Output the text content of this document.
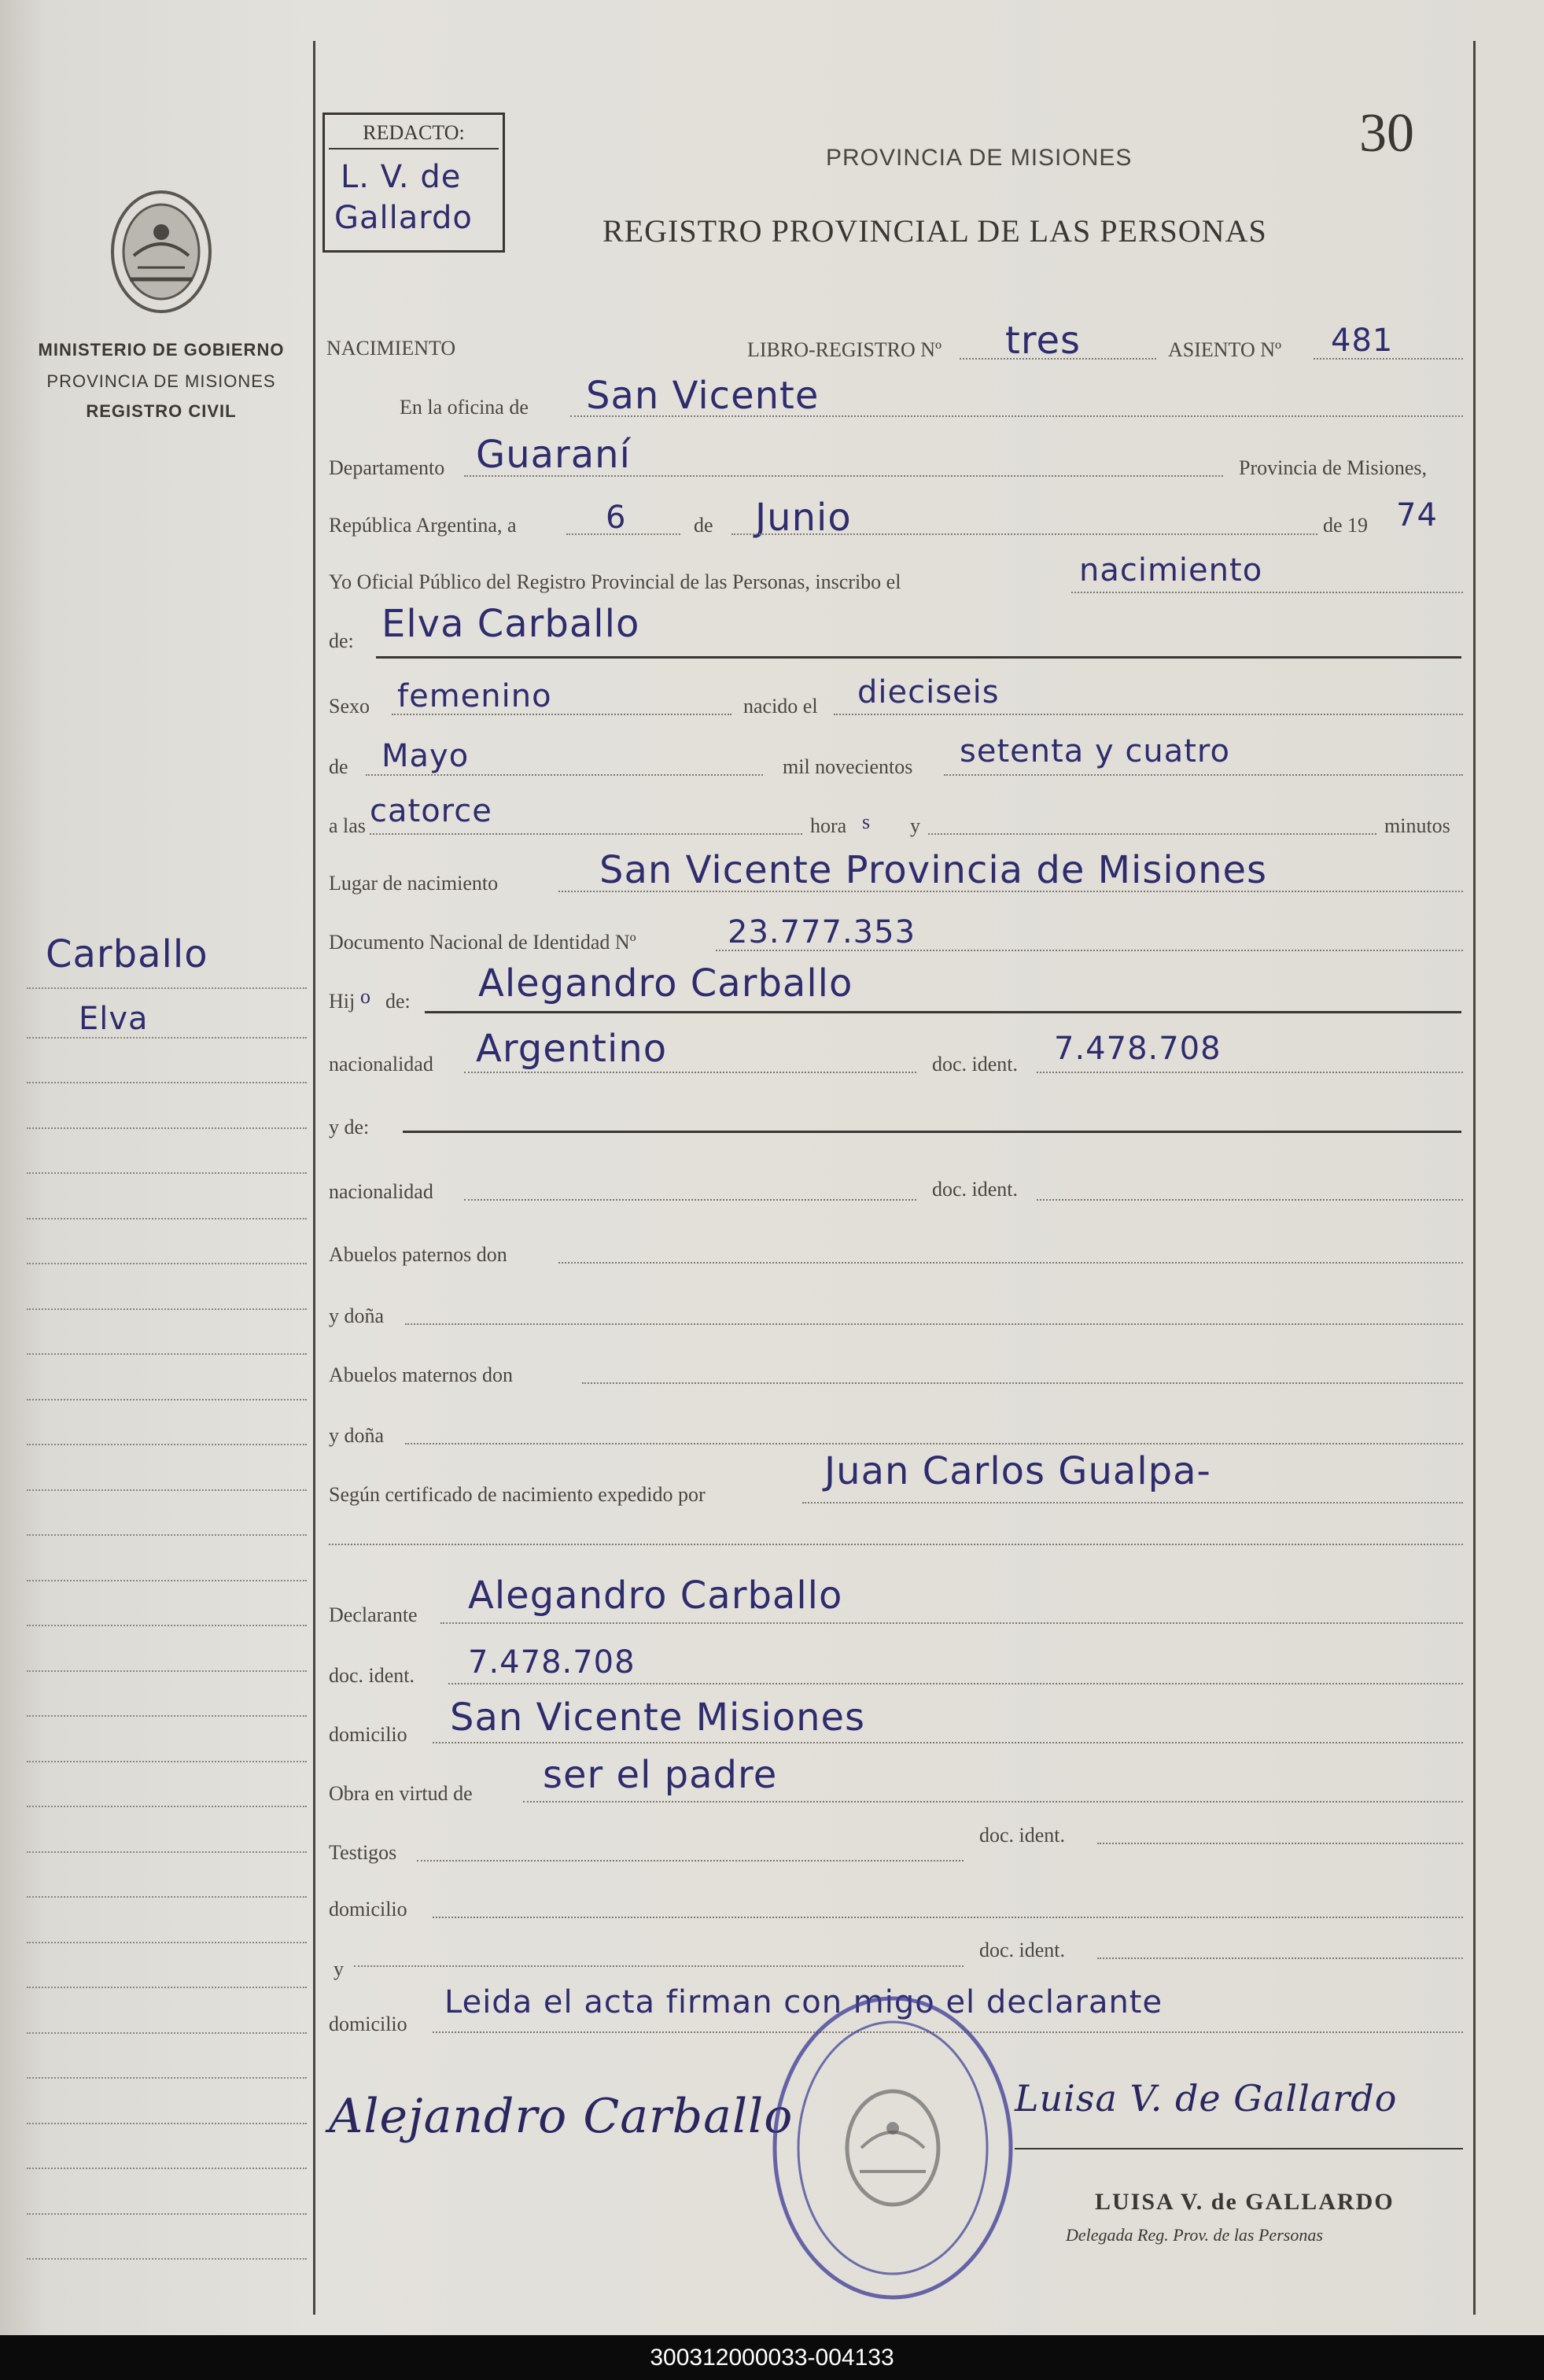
MINISTERIO DE GOBIERNO
PROVINCIA DE MISIONES
REGISTRO CIVIL
Carballo
Elva
REDACTO:
L. V. de
Gallardo
30
PROVINCIA DE MISIONES
REGISTRO PROVINCIAL DE LAS PERSONAS
NACIMIENTO	LIBRO-REGISTRO Nº tres	ASIENTO Nº 481
En la oficina de San Vicente
Departamento Guaraní	Provincia de Misiones,
República Argentina, a	6	de Junio	de 19 74
Yo Oficial Público del Registro Provincial de las Personas, inscribo el	nacimiento
de: Elva Carballo
Sexo femenino	nacido el dieciseis
de Mayo	mil novecientos setenta y cuatro
a las catorce	hora s y	minutos
Lugar de nacimiento	San Vicente Provincia de Misiones
Documento Nacional de Identidad Nº	23.777.353
Hij o de: Alegandro Carballo
nacionalidad Argentino	doc. ident. 7.478.708
y de:
nacionalidad	doc. ident.
Abuelos paternos don
y doña
Abuelos maternos don
y doña
Según certificado de nacimiento expedido por
Juan Carlos Gualpa-
Declarante Alegandro Carballo
doc. ident. 7.478.708
domicilio San Vicente Misiones
Obra en virtud de ser el padre
Testigos
doc. ident.
domicilio
y
doc. ident.
domicilio
Leida el acta firman con migo el declarante
Alejandro Carballo	Luisa V. de Gallardo
LUISA V. de GALLARDO
Delegada Reg. Prov. de las Personas
300312000033-004133
